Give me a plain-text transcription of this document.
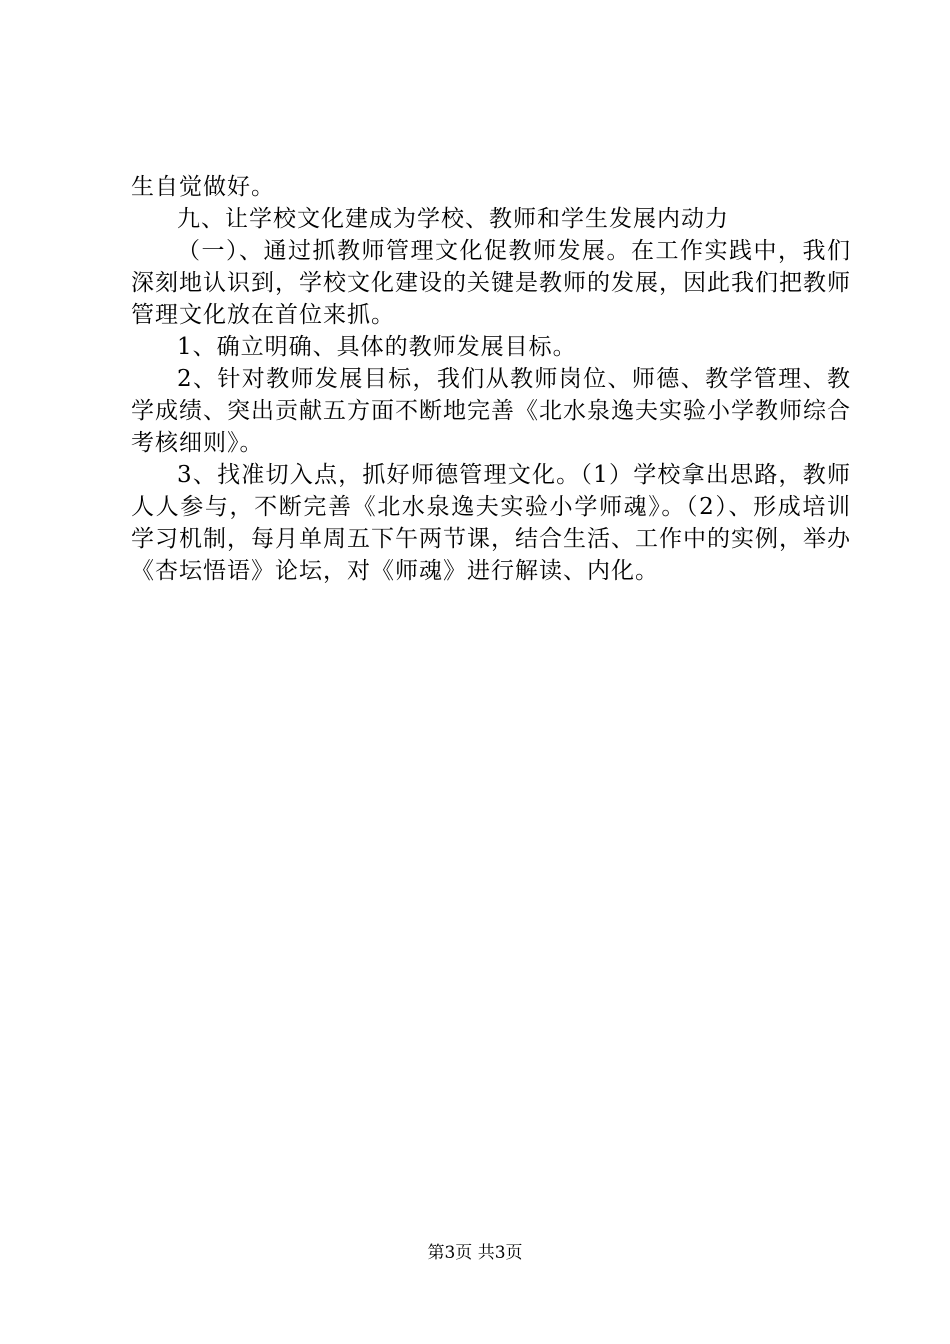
生自觉做好。

九、让学校文化建成为学校、教师和学生发展内动力

（一）、通过抓教师管理文化促教师发展。在工作实践中，我们深刻地认识到，学校文化建设的关键是教师的发展，因此我们把教师管理文化放在首位来抓。

1、确立明确、具体的教师发展目标。

2、针对教师发展目标，我们从教师岗位、师德、教学管理、教学成绩、突出贡献五方面不断地完善《北水泉逸夫实验小学教师综合考核细则》。

3、找准切入点，抓好师德管理文化。（1）学校拿出思路，教师人人参与，不断完善《北水泉逸夫实验小学师魂》。（2）、形成培训学习机制，每月单周五下午两节课，结合生活、工作中的实例，举办《杏坛悟语》论坛，对《师魂》进行解读、内化。

第3页 共3页
